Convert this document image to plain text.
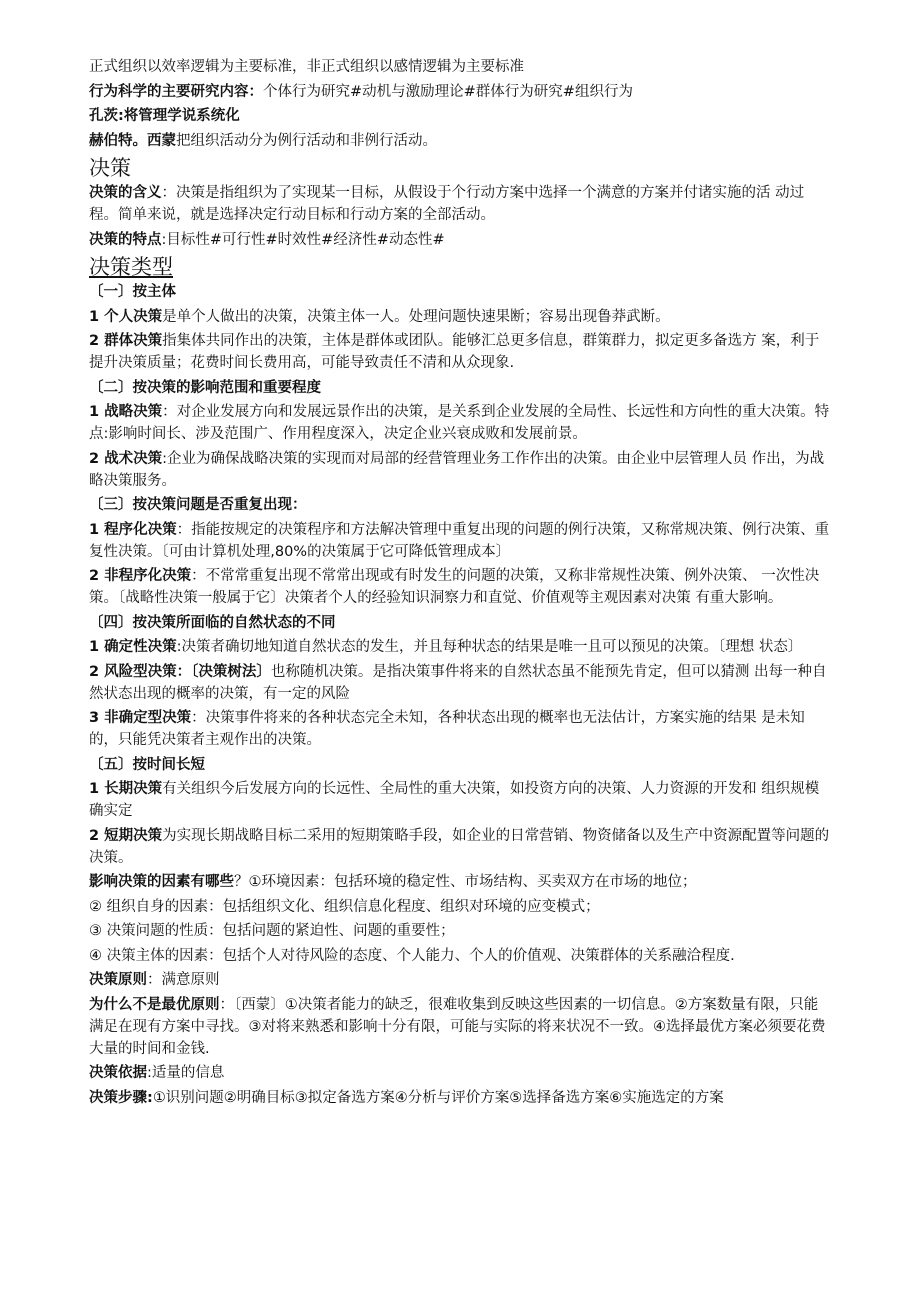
正式组织以效率逻辑为主要标准，非正式组织以感情逻辑为主要标准

行为科学的主要研究内容：个体行为研究#动机与激励理论#群体行为研究#组织行为

孔茨:将管理学说系统化

赫伯特。西蒙把组织活动分为例行活动和非例行活动。

决策

决策的含义：决策是指组织为了实现某一目标，从假设于个行动方案中选择一个满意的方案并付诸实施的活 动过程。简单来说，就是选择决定行动目标和行动方案的全部活动。

决策的特点:目标性#可行性#时效性#经济性#动态性#

决策类型

〔一〕按主体

1 个人决策是单个人做出的决策，决策主体一人。处理问题快速果断；容易出现鲁莽武断。

2 群体决策指集体共同作出的决策，主体是群体或团队。能够汇总更多信息，群策群力，拟定更多备选方 案，利于提升决策质量；花费时间长费用高，可能导致责任不清和从众现象.

〔二〕按决策的影响范围和重要程度

1 战略决策：对企业发展方向和发展远景作出的决策，是关系到企业发展的全局性、长远性和方向性的重大决策。特点:影响时间长、涉及范围广、作用程度深入，决定企业兴衰成败和发展前景。

2 战术决策:企业为确保战略决策的实现而对局部的经营管理业务工作作出的决策。由企业中层管理人员 作出，为战略决策服务。

〔三〕按决策问题是否重复出现：

1 程序化决策：指能按规定的决策程序和方法解决管理中重复出现的问题的例行决策，又称常规决策、例行决策、重复性决策。〔可由计算机处理,80%的决策属于它可降低管理成本〕

2 非程序化决策：不常常重复出现不常常出现或有时发生的问题的决策，又称非常规性决策、例外决策、 一次性决策。〔战略性决策一般属于它〕决策者个人的经验知识洞察力和直觉、价值观等主观因素对决策 有重大影响。

〔四〕按决策所面临的自然状态的不同

1 确定性决策:决策者确切地知道自然状态的发生，并且每种状态的结果是唯一且可以预见的决策。〔理想 状态〕

2 风险型决策：〔决策树法〕也称随机决策。是指决策事件将来的自然状态虽不能预先肯定，但可以猜测 出每一种自然状态出现的概率的决策，有一定的风险

3 非确定型决策：决策事件将来的各种状态完全未知，各种状态出现的概率也无法估计，方案实施的结果 是未知的，只能凭决策者主观作出的决策。

〔五〕按时间长短

1 长期决策有关组织今后发展方向的长远性、全局性的重大决策，如投资方向的决策、人力资源的开发和 组织规模确实定

2 短期决策为实现长期战略目标二采用的短期策略手段，如企业的日常营销、物资储备以及生产中资源配置等问题的决策。

影响决策的因素有哪些？①环境因素：包括环境的稳定性、市场结构、买卖双方在市场的地位；

② 组织自身的因素：包括组织文化、组织信息化程度、组织对环境的应变模式；

③ 决策问题的性质：包括问题的紧迫性、问题的重要性；

④ 决策主体的因素：包括个人对待风险的态度、个人能力、个人的价值观、决策群体的关系融洽程度.

决策原则：满意原则

为什么不是最优原则：〔西蒙〕①决策者能力的缺乏，很难收集到反映这些因素的一切信息。②方案数量有限，只能满足在现有方案中寻找。③对将来熟悉和影响十分有限，可能与实际的将来状况不一致。④选择最优方案必须要花费大量的时间和金钱.

决策依据:适量的信息

决策步骤:①识别问题②明确目标③拟定备选方案④分析与评价方案⑤选择备选方案⑥实施选定的方案
